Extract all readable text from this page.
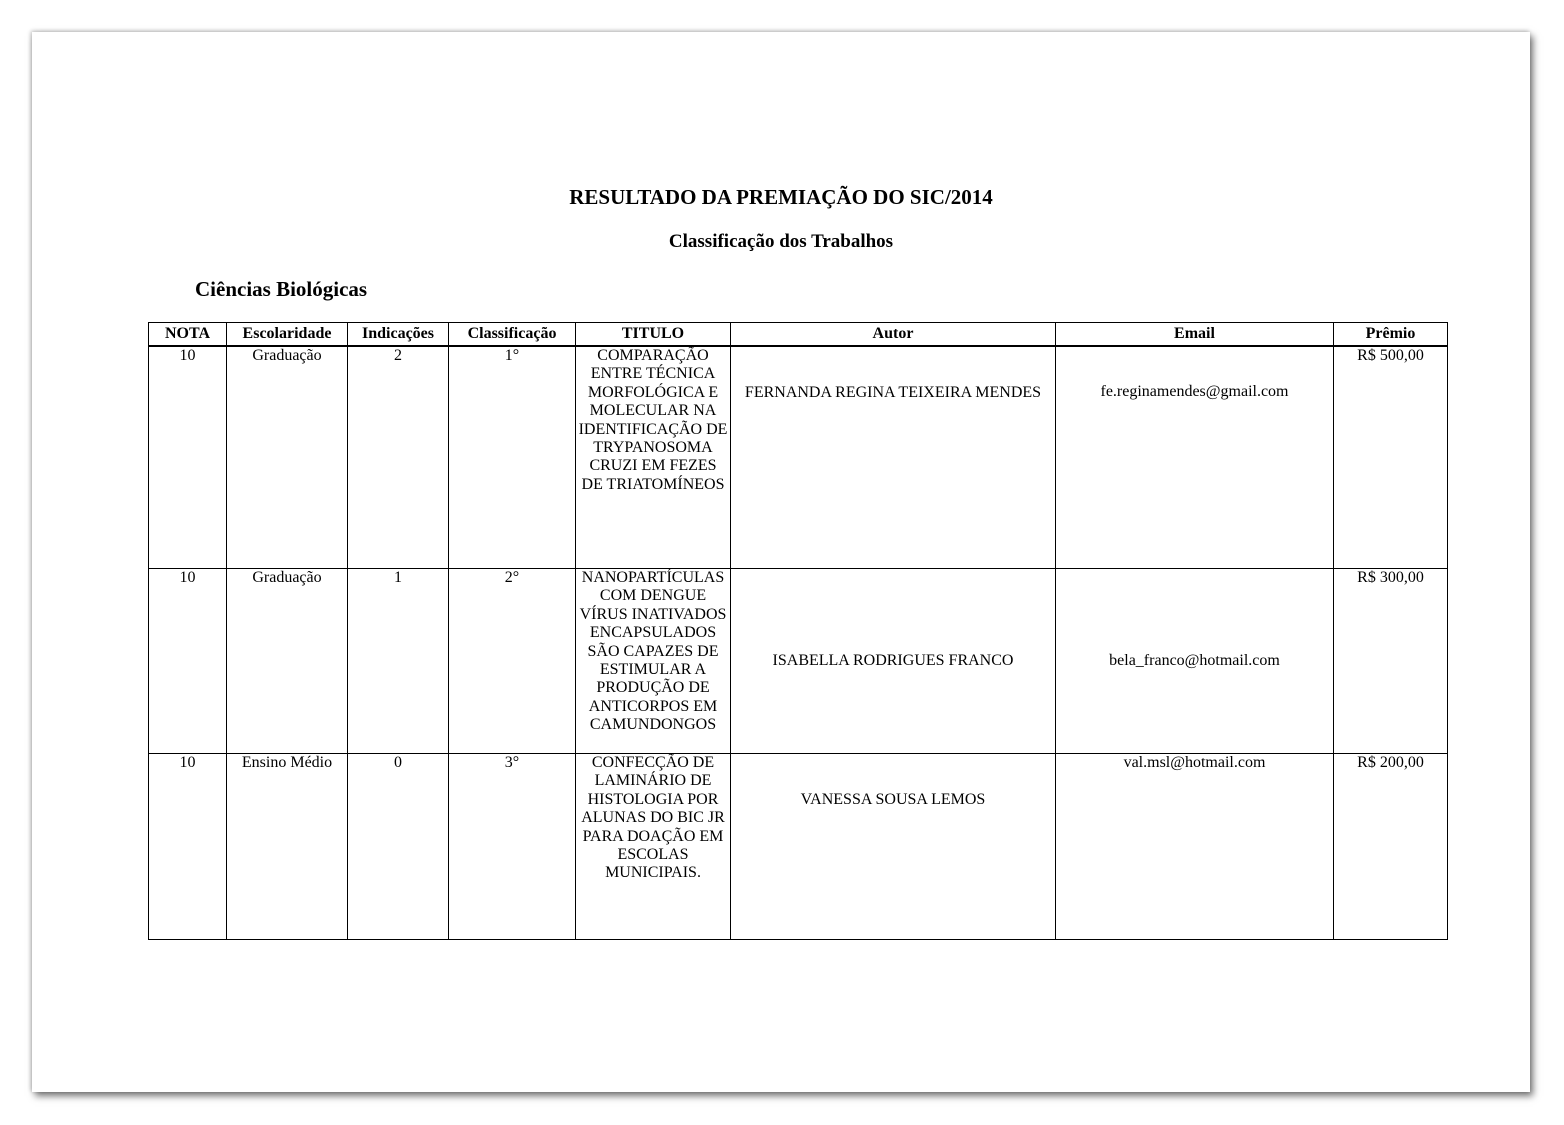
RESULTADO DA PREMIAÇÃO DO SIC/2014
Classificação dos Trabalhos
Ciências Biológicas
NOTA	Escolaridade	Indicações	Classificação	TITULO	Autor	Email	Prêmio
10	Graduação	2	1°	COMPARAÇÃO ENTRE TÉCNICA MORFOLÓGICA E MOLECULAR NA IDENTIFICAÇÃO DE TRYPANOSOMA CRUZI EM FEZES DE TRIATOMÍNEOS	FERNANDA REGINA TEIXEIRA MENDES	fe.reginamendes@gmail.com	R$ 500,00
10	Graduação	1	2°	NANOPARTÍCULAS COM DENGUE VÍRUS INATIVADOS ENCAPSULADOS SÃO CAPAZES DE ESTIMULAR A PRODUÇÃO DE ANTICORPOS EM CAMUNDONGOS	ISABELLA RODRIGUES FRANCO	bela_franco@hotmail.com	R$ 300,00
10	Ensino Médio	0	3°	CONFECÇÃO DE LAMINÁRIO DE HISTOLOGIA POR ALUNAS DO BIC JR PARA DOAÇÃO EM ESCOLAS MUNICIPAIS.	VANESSA SOUSA LEMOS	val.msl@hotmail.com	R$ 200,00
